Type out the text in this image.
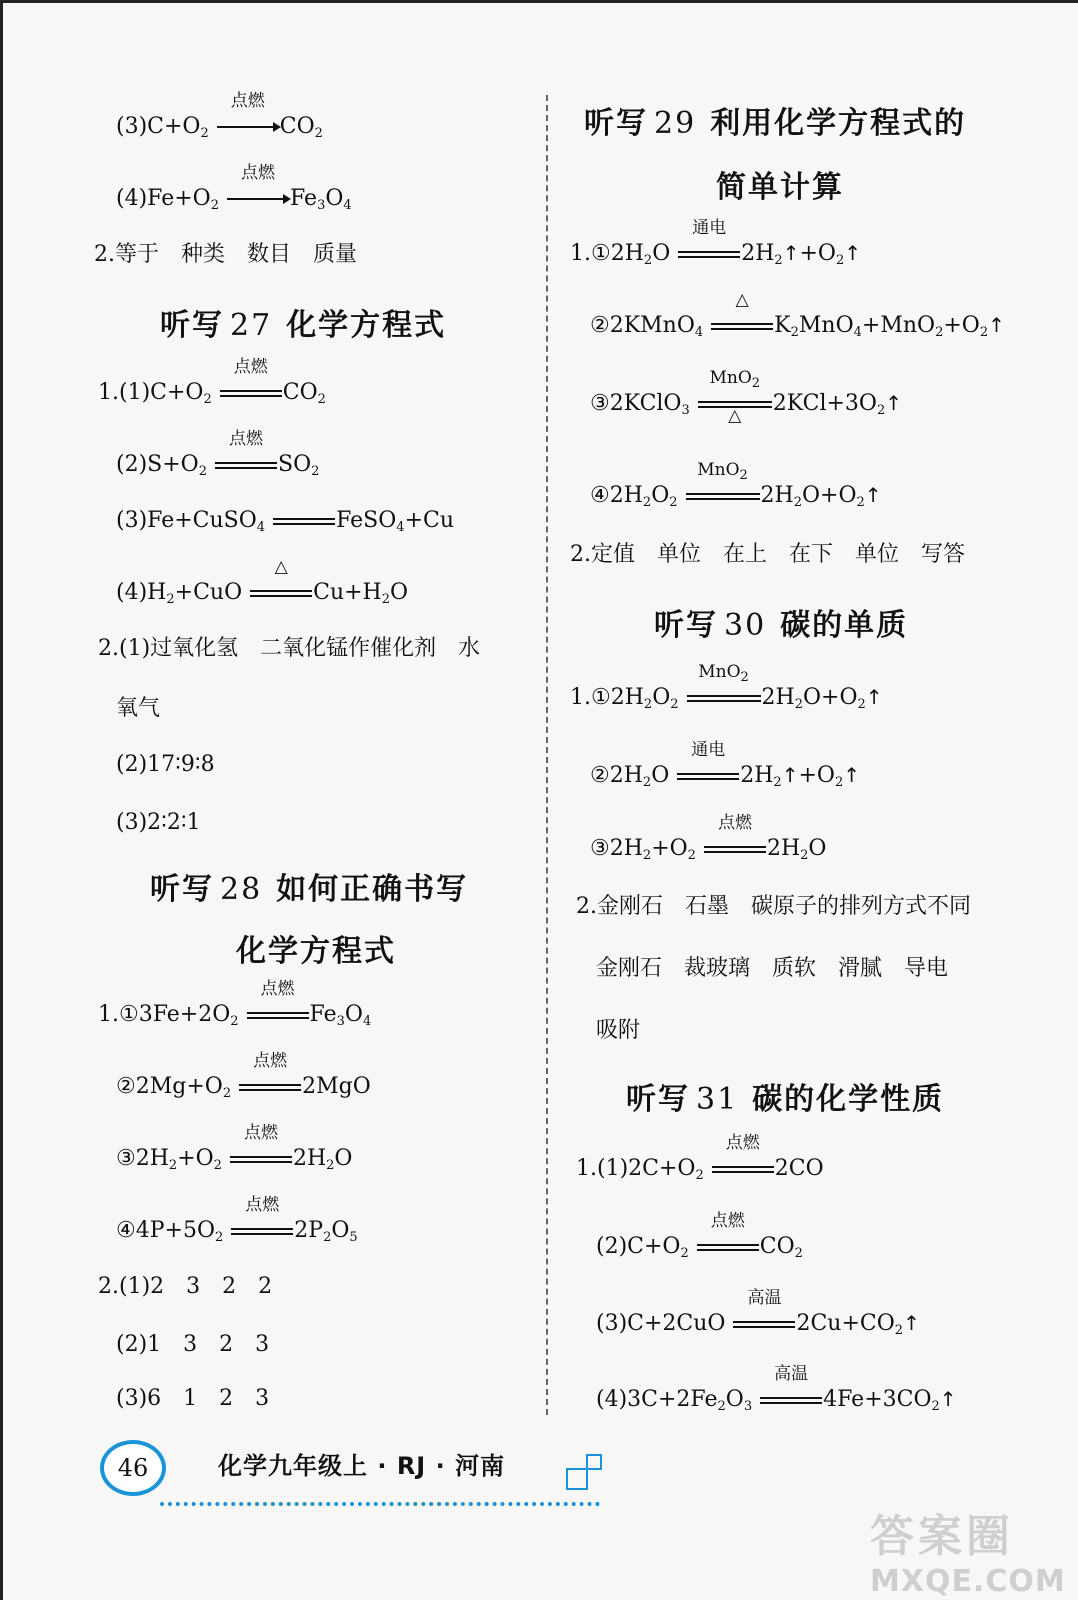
$(3)C+O_2$
点燃
$CO_2$
$(4)Fe+O_2$
点燃
$Fe_3O_4$
2.等于　种类　数目　质量
听写 27 化学方程式
$1.(1)C+O_2$
点燃
$CO_2$
$(2)S+O_2$
点燃
$SO_2$
(3)Fe+CuSO$_4$	FeSO$_4$+Cu
$(4)H_2+CuO$
△
$Cu+H_2O$
2.(1)过氧化氢　二氧化锰作催化剂　水
氧气
(2)17∶9∶8
(3)2∶2∶1
听写 28 如何正确书写
化学方程式
$1.①3Fe+2O_2$
点燃
$Fe_3O_4$
$②2Mg+O_2$
点燃
2MgO
$③2H_2+O_2$
点燃
$2H_2O$
$④4P+5O_2$
点燃
$2P_2O_5$
2.(1)2　3　2　2
(2)1　3　2　3
(3)6　1　2　3
听写 29 利用化学方程式的
简单计算
$1.①2H_2O$
通电
$2H_2↑+O_2↑$
②2KMnO$_4$
△
$K_2MnO_4+MnO_2+O_2↑$
③2KClO$_3$
MnO$_2$
△	$2KCl+3O_2↑$
$④2H_2O_2$
MnO$_2$
$2H_2O+O_2↑$
2.定值　单位　在上　在下　单位　写答
听写 30 碳的单质
$1.①2H_2O_2$
MnO$_2$
$2H_2O+O_2↑$
$②2H_2O$
通电
$2H_2↑+O_2↑$
$③2H_2+O_2$
点燃
$2H_2O$
2.金刚石　石墨　碳原子的排列方式不同
金刚石　裁玻璃　质软　滑腻　导电
吸附
听写 31 碳的化学性质
$1.(1)2C+O_2$
点燃
2CO
$(2)C+O_2$
点燃
$CO_2$
(3)C+2CuO
高温
$2Cu+CO_2↑$
$(4)3C+2Fe_2O_3$
高温
$4Fe+3CO_2↑$
46	化学九年级上 · RJ · 河南
答案圈
MXQE.COM
